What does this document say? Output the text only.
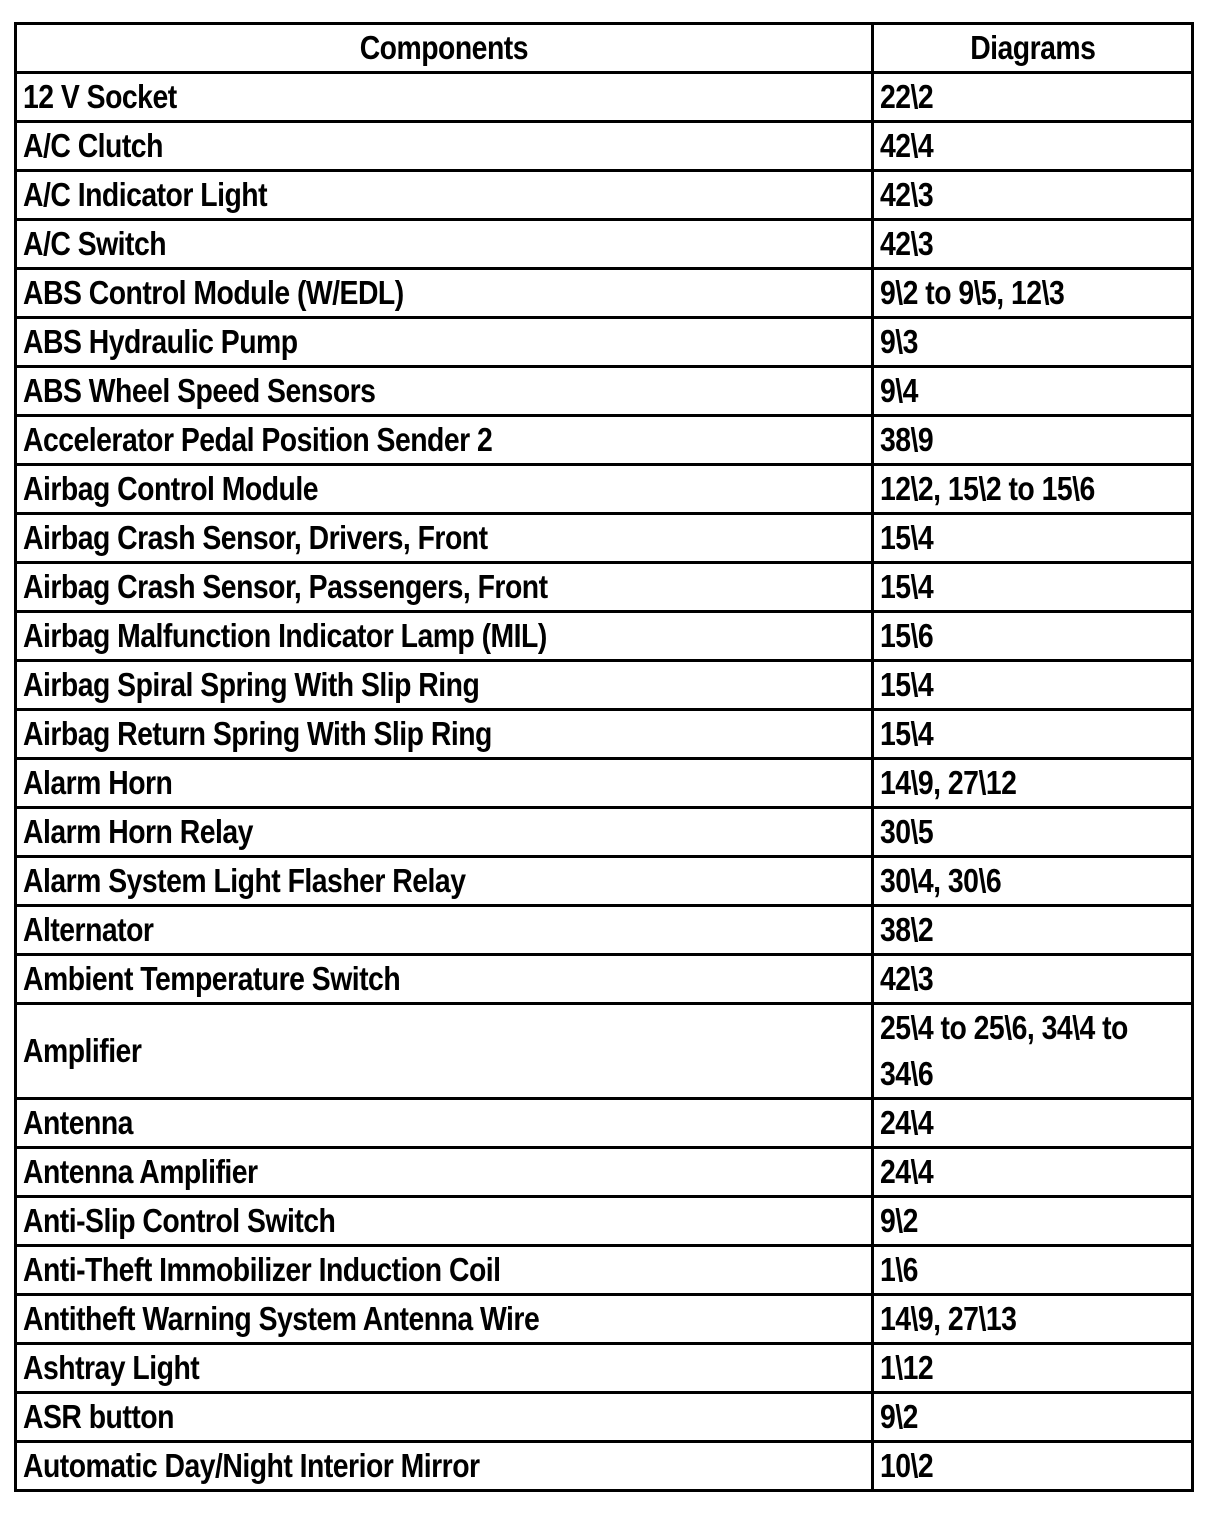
Components	Diagrams
12 V Socket	22\2
A/C Clutch	42\4
A/C Indicator Light	42\3
A/C Switch	42\3
ABS Control Module (W/EDL)	9\2 to 9\5, 12\3
ABS Hydraulic Pump	9\3
ABS Wheel Speed Sensors	9\4
Accelerator Pedal Position Sender 2	38\9
Airbag Control Module	12\2, 15\2 to 15\6
Airbag Crash Sensor, Drivers, Front	15\4
Airbag Crash Sensor, Passengers, Front	15\4
Airbag Malfunction Indicator Lamp (MIL)	15\6
Airbag Spiral Spring With Slip Ring	15\4
Airbag Return Spring With Slip Ring	15\4
Alarm Horn	14\9, 27\12
Alarm Horn Relay	30\5
Alarm System Light Flasher Relay	30\4, 30\6
Alternator	38\2
Ambient Temperature Switch	42\3
Amplifier	25\4 to 25\6, 34\4 to 34\6
Antenna	24\4
Antenna Amplifier	24\4
Anti-Slip Control Switch	9\2
Anti-Theft Immobilizer Induction Coil	1\6
Antitheft Warning System Antenna Wire	14\9, 27\13
Ashtray Light	1\12
ASR button	9\2
Automatic Day/Night Interior Mirror	10\2
